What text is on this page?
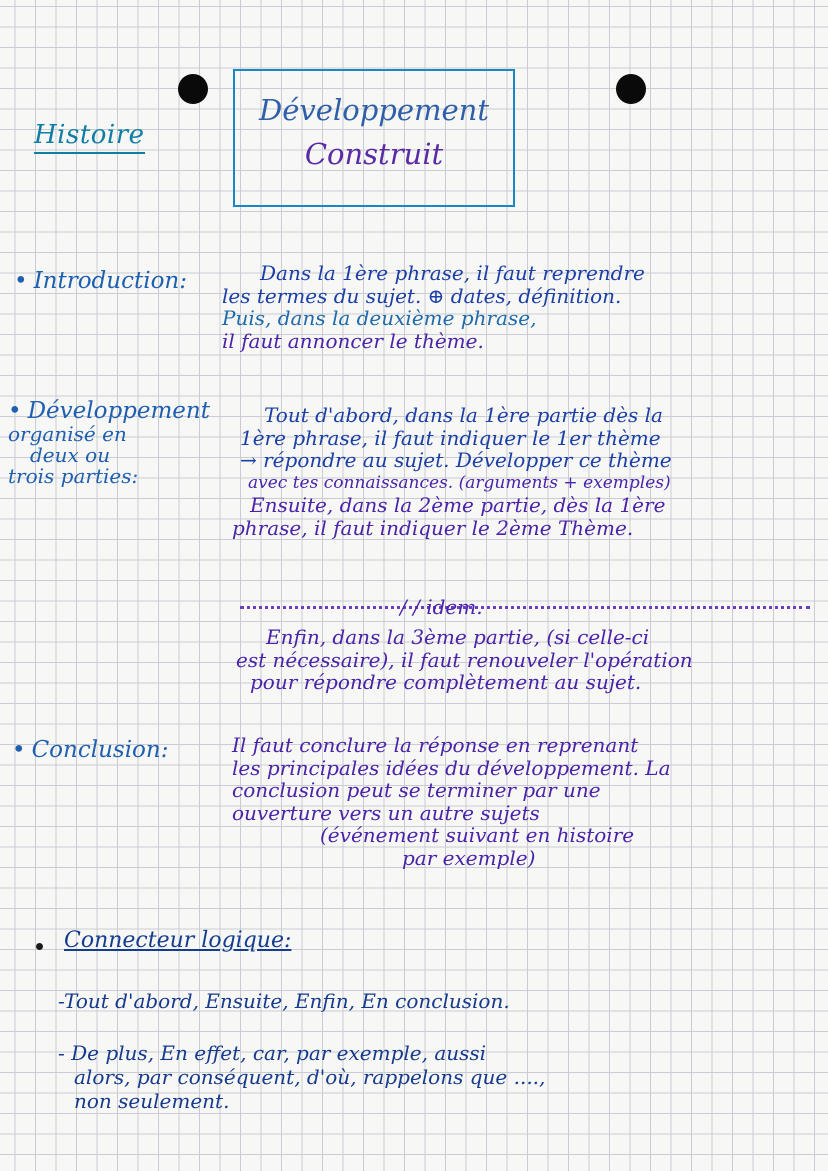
Histoire
Développement
Construit
• Introduction:	Dans la 1ère phrase, il faut reprendre
les termes du sujet. ⊕ dates, définition.
Puis, dans la deuxième phrase,
il faut annoncer le thème.
• Développement
organisé en
deux ou
trois parties:
Tout d'abord, dans la 1ère partie dès la
1ère phrase, il faut indiquer le 1er thème
→ répondre au sujet. Développer ce thème
avec tes connaissances. (arguments + exemples)
Ensuite, dans la 2ème partie, dès la 1ère
phrase, il faut indiquer le 2ème Thème.
/ / idem.
Enfin, dans la 3ème partie, (si celle-ci
est nécessaire), il faut renouveler l'opération
pour répondre complètement au sujet.
• Conclusion:	Il faut conclure la réponse en reprenant
les principales idées du développement. La
conclusion peut se terminer par une
ouverture vers un autre sujets
(événement suivant en histoire
par exemple)
Connecteur logique:
-Tout d'abord, Ensuite, Enfin, En conclusion.
- De plus, En effet, car, par exemple, aussi
alors, par conséquent, d'où, rappelons que ....,
non seulement.
